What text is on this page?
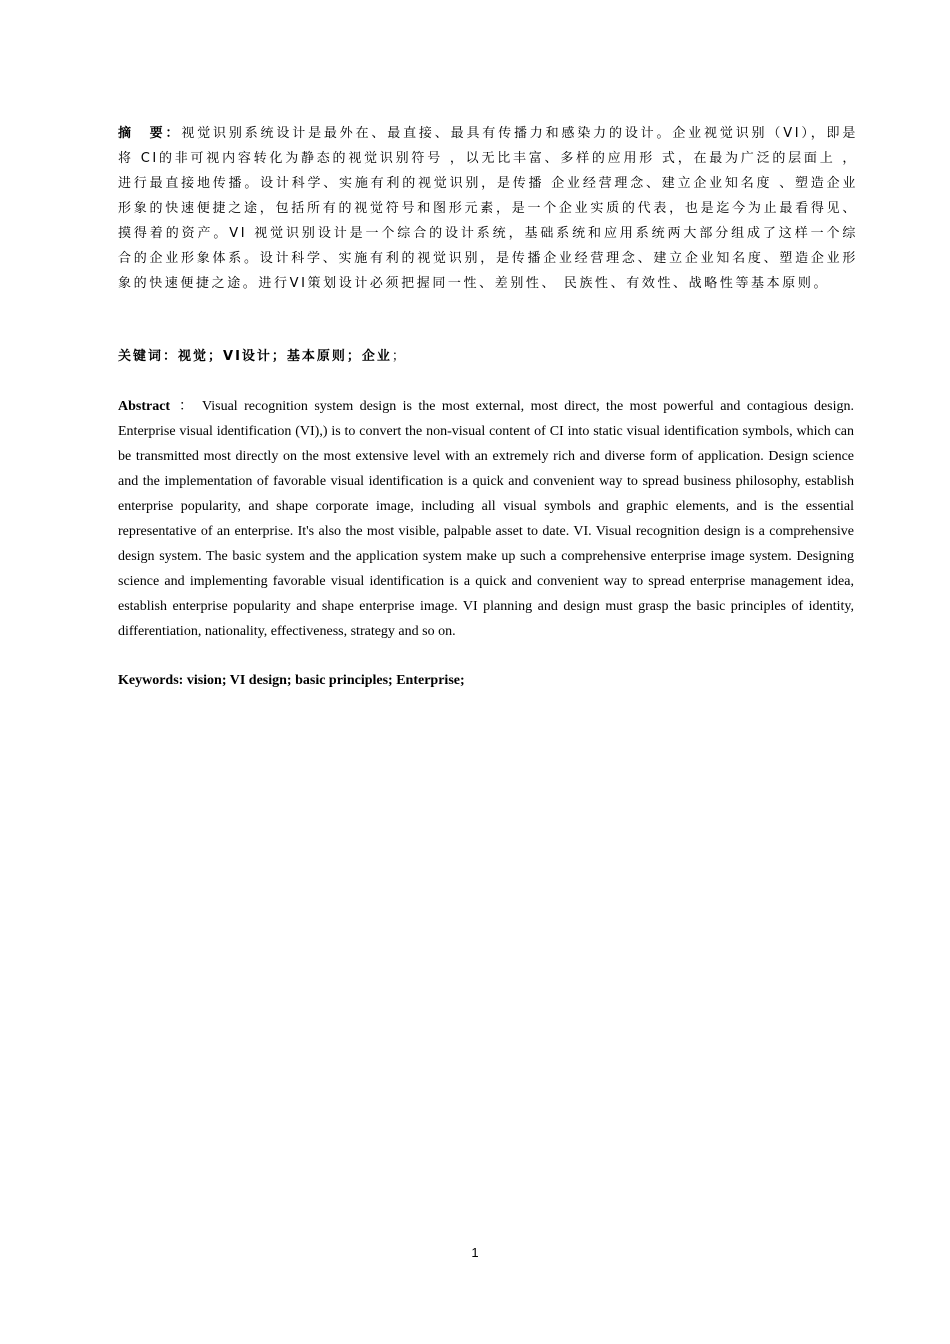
摘　要：视觉识别系统设计是最外在、最直接、最具有传播力和感染力的设计。企业视觉识别（VI），即是将 CI的非可视内容转化为静态的视觉识别符号 ，以无比丰富、多样的应用形 式，在最为广泛的层面上 ，进行最直接地传播。设计科学、实施有利的视觉识别，是传播 企业经营理念、建立企业知名度 、塑造企业形象的快速便捷之途，包括所有的视觉符号和图形元素，是一个企业实质的代表，也是迄今为止最看得见、摸得着的资产。VI 视觉识别设计是一个综合的设计系统，基础系统和应用系统两大部分组成了这样一个综合的企业形象体系。设计科学、实施有利的视觉识别，是传播企业经营理念、建立企业知名度、塑造企业形象的快速便捷之途。进行VI策划设计必须把握同一性、差别性、 民族性、有效性、战略性等基本原则。

关键词：视觉；VI设计；基本原则；企业；

Abstract ： Visual recognition system design is the most external, most direct, the most powerful and contagious design. Enterprise visual identification (VI),) is to convert the non-visual content of CI into static visual identification symbols, which can be transmitted most directly on the most extensive level with an extremely rich and diverse form of application. Design science and the implementation of favorable visual identification is a quick and convenient way to spread business philosophy, establish enterprise popularity, and shape corporate image, including all visual symbols and graphic elements, and is the essential representative of an enterprise. It's also the most visible, palpable asset to date. VI. Visual recognition design is a comprehensive design system. The basic system and the application system make up such a comprehensive enterprise image system. Designing science and implementing favorable visual identification is a quick and convenient way to spread enterprise management idea, establish enterprise popularity and shape enterprise image. VI planning and design must grasp the basic principles of identity, differentiation, nationality, effectiveness, strategy and so on.

Keywords: vision; VI design; basic principles; Enterprise;

1
